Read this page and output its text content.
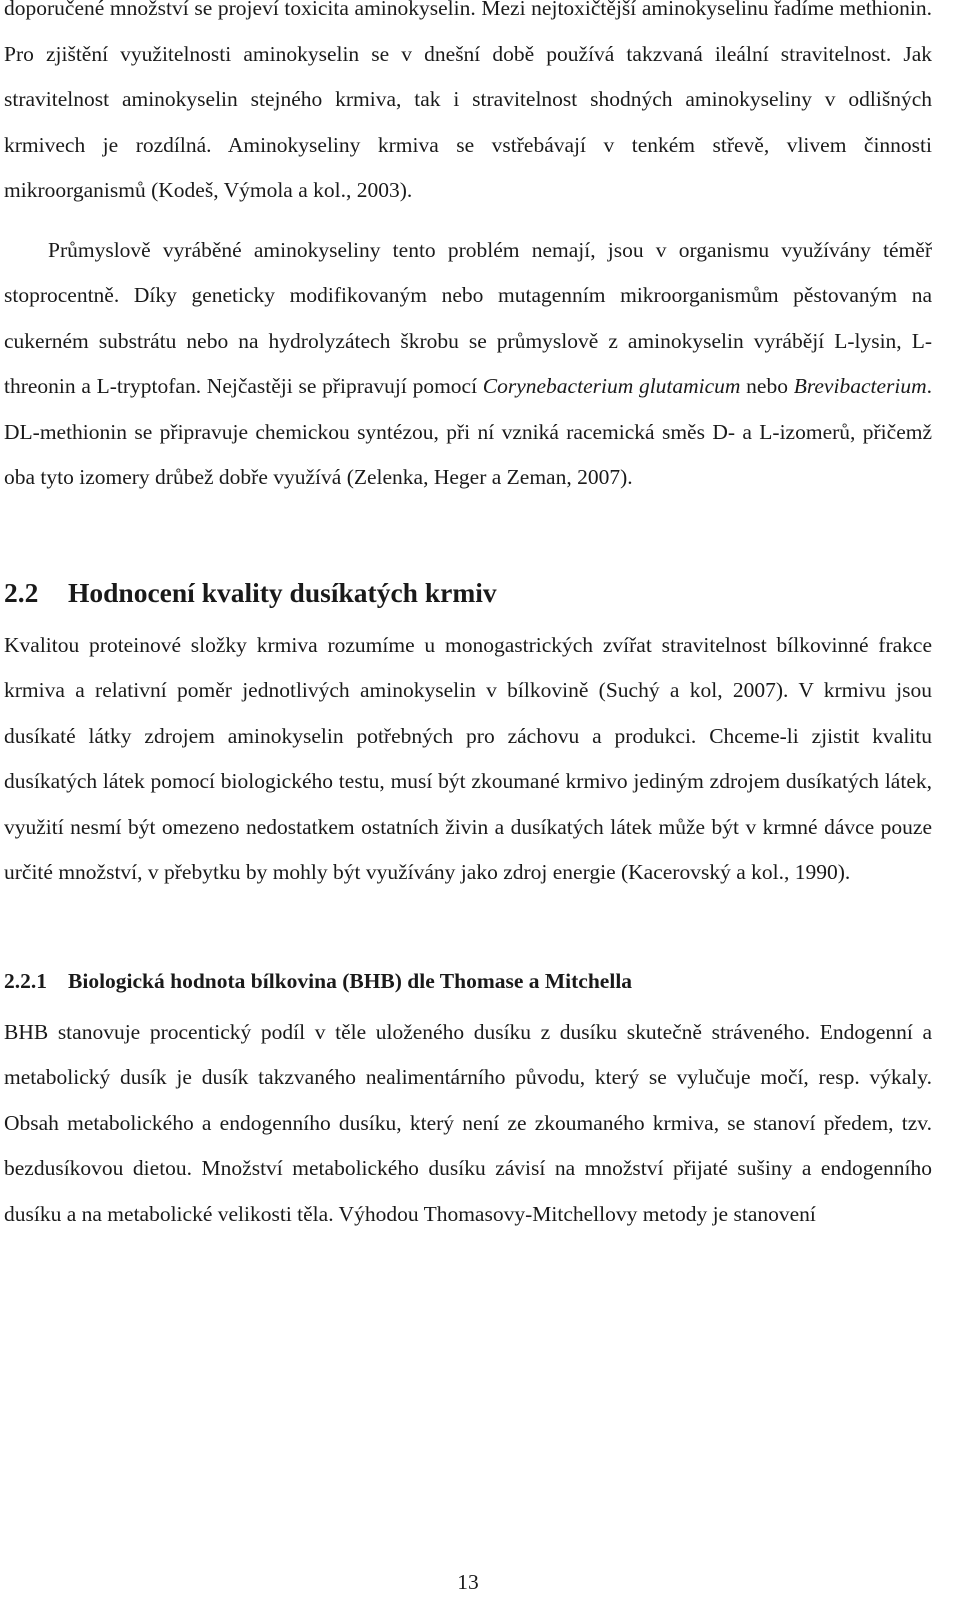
doporučené množství se projeví toxicita aminokyselin. Mezi nejtoxičtější aminokyselinu řadíme methionin. Pro zjištění využitelnosti aminokyselin se v dnešní době používá takzvaná ileální stravitelnost. Jak stravitelnost aminokyselin stejného krmiva, tak i stravitelnost shodných aminokyseliny v odlišných krmivech je rozdílná. Aminokyseliny krmiva se vstřebávají v tenkém střevě, vlivem činnosti mikroorganismů (Kodeš, Výmola a kol., 2003).

Průmyslově vyráběné aminokyseliny tento problém nemají, jsou v organismu využívány téměř stoprocentně. Díky geneticky modifikovaným nebo mutagenním mikroorganismům pěstovaným na cukerném substrátu nebo na hydrolyzátech škrobu se průmyslově z aminokyselin vyrábějí L-lysin, L-threonin a L-tryptofan. Nejčastěji se připravují pomocí Corynebacterium glutamicum nebo Brevibacterium. DL-methionin se připravuje chemickou syntézou, při ní vzniká racemická směs D- a L-izomerů, přičemž oba tyto izomery drůbež dobře využívá (Zelenka, Heger a Zeman, 2007).

2.2 Hodnocení kvality dusíkatých krmiv

Kvalitou proteinové složky krmiva rozumíme u monogastrických zvířat stravitelnost bílkovinné frakce krmiva a relativní poměr jednotlivých aminokyselin v bílkovině (Suchý a kol, 2007). V krmivu jsou dusíkaté látky zdrojem aminokyselin potřebných pro záchovu a produkci. Chceme-li zjistit kvalitu dusíkatých látek pomocí biologického testu, musí být zkoumané krmivo jediným zdrojem dusíkatých látek, využití nesmí být omezeno nedostatkem ostatních živin a dusíkatých látek může být v krmné dávce pouze určité množství, v přebytku by mohly být využívány jako zdroj energie (Kacerovský a kol., 1990).

2.2.1 Biologická hodnota bílkovina (BHB) dle Thomase a Mitchella

BHB stanovuje procentický podíl v těle uloženého dusíku z dusíku skutečně stráveného. Endogenní a metabolický dusík je dusík takzvaného nealimentárního původu, který se vylučuje močí, resp. výkaly. Obsah metabolického a endogenního dusíku, který není ze zkoumaného krmiva, se stanoví předem, tzv. bezdusíkovou dietou. Množství metabolického dusíku závisí na množství přijaté sušiny a endogenního dusíku a na metabolické velikosti těla. Výhodou Thomasovy-Mitchellovy metody je stanovení

13
